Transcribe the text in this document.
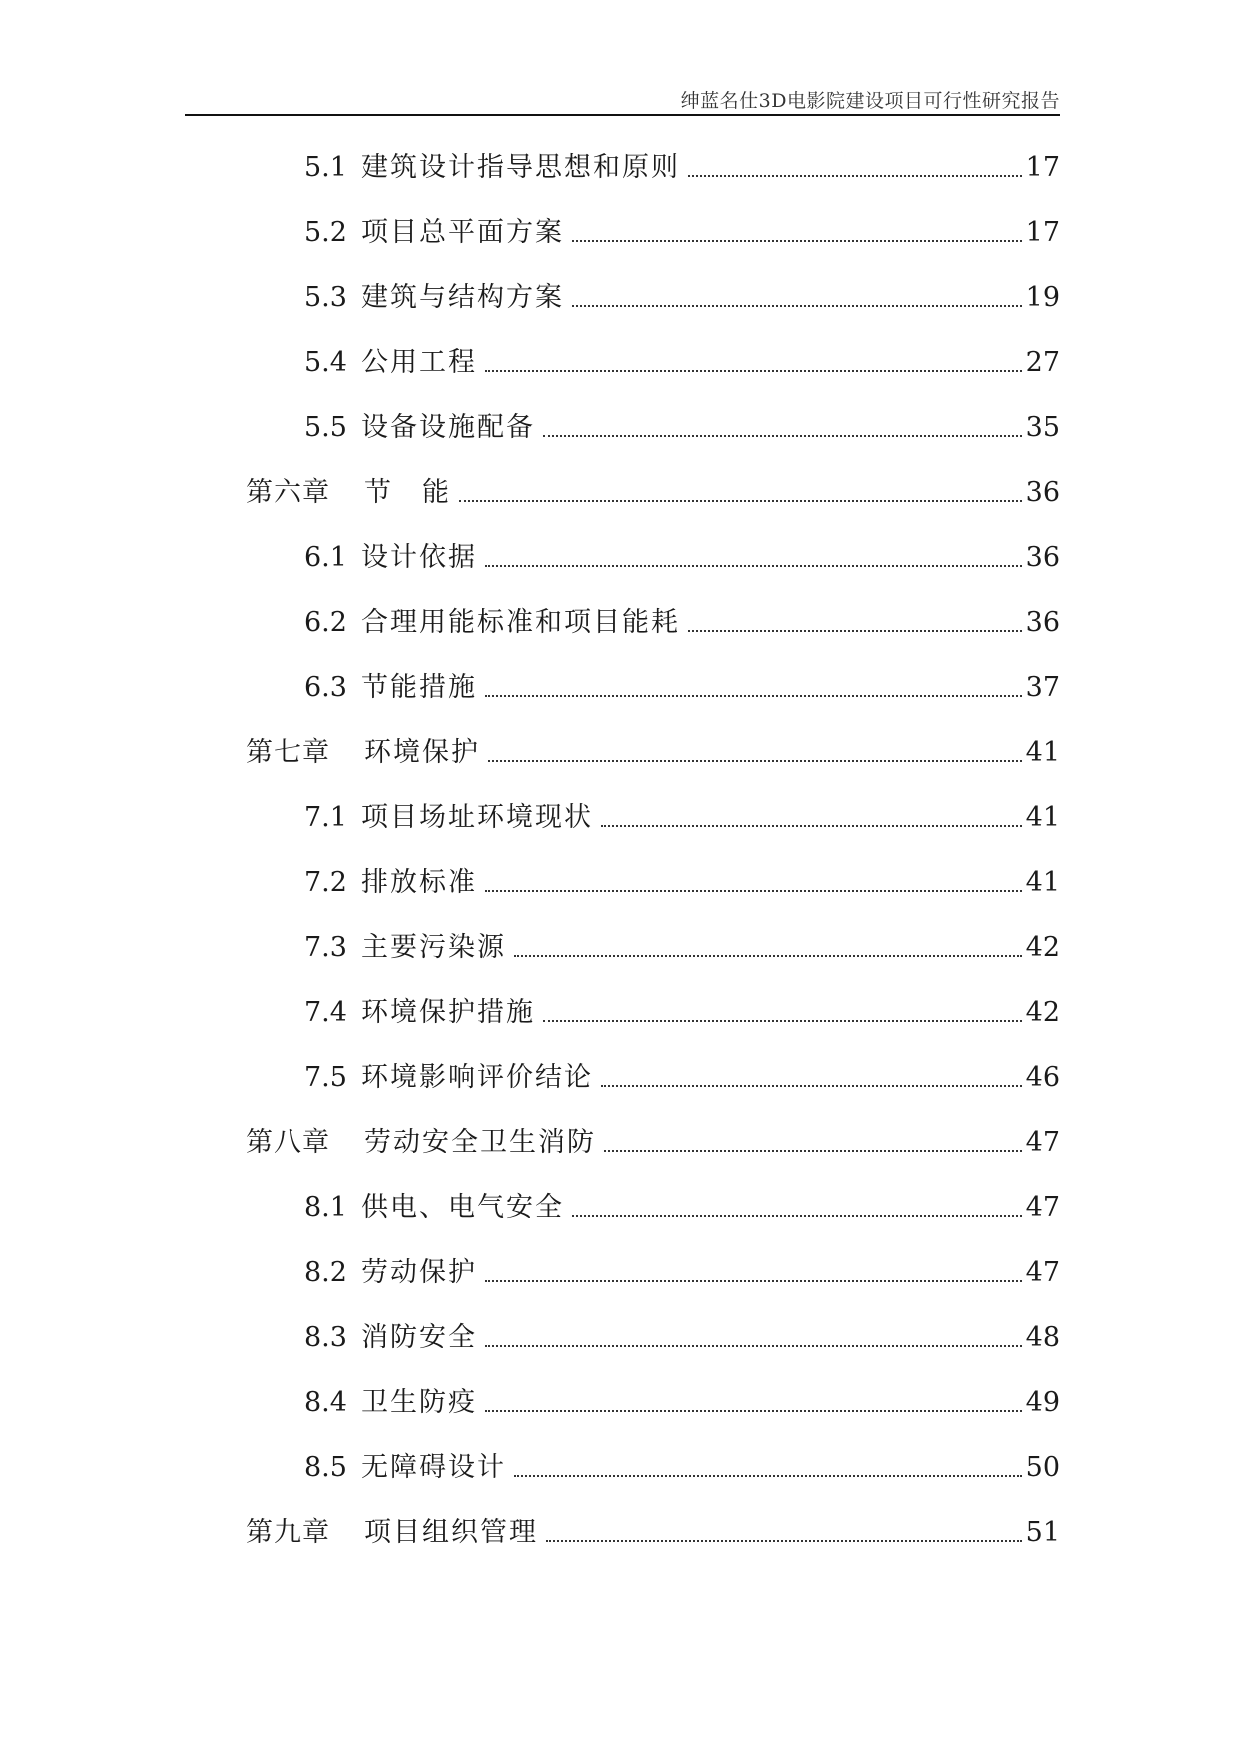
绅蓝名仕3D电影院建设项目可行性研究报告
5.1 建筑设计指导思想和原则	17
5.2 项目总平面方案	17
5.3 建筑与结构方案	19
5.4 公用工程	27
5.5 设备设施配备	35
第六章 节　能	36
6.1 设计依据	36
6.2 合理用能标准和项目能耗	36
6.3 节能措施	37
第七章 环境保护	41
7.1 项目场址环境现状	41
7.2 排放标准	41
7.3 主要污染源	42
7.4 环境保护措施	42
7.5 环境影响评价结论	46
第八章 劳动安全卫生消防	47
8.1 供电、电气安全	47
8.2 劳动保护	47
8.3 消防安全	48
8.4 卫生防疫	49
8.5 无障碍设计	50
第九章 项目组织管理	51
